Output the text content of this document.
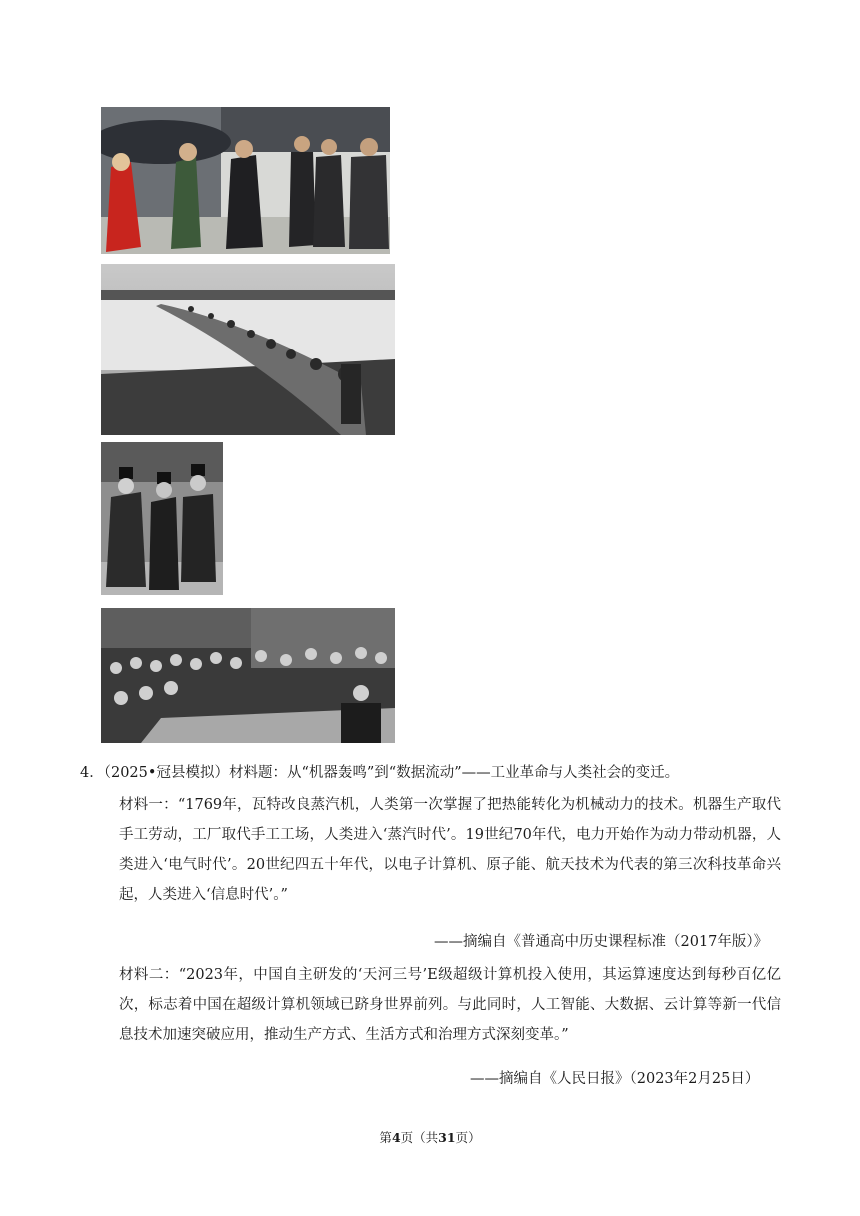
4．（2025•冠县模拟）材料题：从“机器轰鸣”到“数据流动”——工业革命与人类社会的变迁。
材料一：“1769年，瓦特改良蒸汽机，人类第一次掌握了把热能转化为机械动力的技术。机器生产取代手工劳动，工厂取代手工工场，人类进入‘蒸汽时代’。19世纪70年代，电力开始作为动力带动机器，人类进入‘电气时代’。20世纪四五十年代，以电子计算机、原子能、航天技术为代表的第三次科技革命兴起，人类进入‘信息时代’。”
——摘编自《普通高中历史课程标准（2017年版）》
材料二：“2023年，中国自主研发的‘天河三号’E级超级计算机投入使用，其运算速度达到每秒百亿亿次，标志着中国在超级计算机领域已跻身世界前列。与此同时，人工智能、大数据、云计算等新一代信息技术加速突破应用，推动生产方式、生活方式和治理方式深刻变革。”
——摘编自《人民日报》（2023年2月25日）
第4页（共31页）
